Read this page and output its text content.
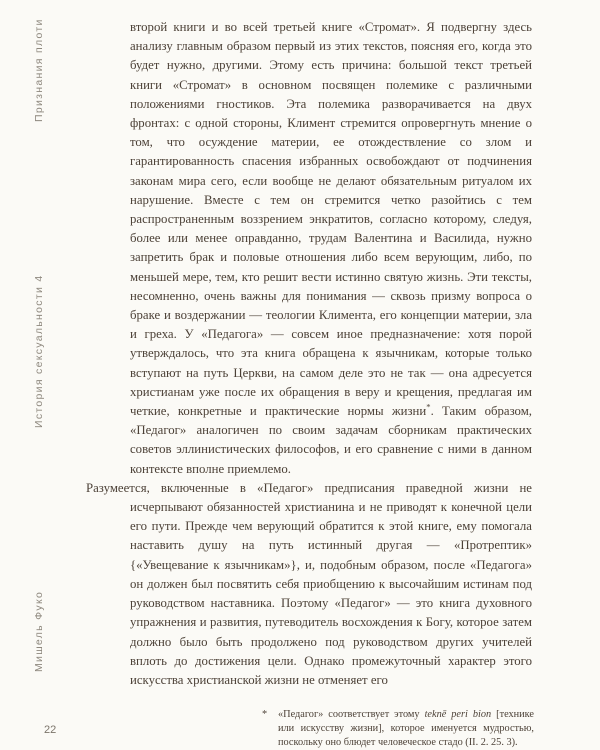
Признания плоти
История сексуальности 4
Мишель Фуко
22

второй книги и во всей третьей книге «Стромат». Я подвергну здесь анализу главным образом первый из этих текстов, поясняя его, когда это будет нужно, другими. Этому есть причина: большой текст третьей книги «Стромат» в основном посвящен полемике с различными положениями гностиков. Эта полемика разворачивается на двух фронтах: с одной стороны, Климент стремится опровергнуть мнение о том, что осуждение материи, ее отождествление со злом и гарантированность спасения избранных освобождают от подчинения законам мира сего, если вообще не делают обязательным ритуалом их нарушение. Вместе с тем он стремится четко разойтись с тем распространенным воззрением энкратитов, согласно которому, следуя, более или менее оправданно, трудам Валентина и Василида, нужно запретить брак и половые отношения либо всем верующим, либо, по меньшей мере, тем, кто решит вести истинно святую жизнь. Эти тексты, несомненно, очень важны для понимания — сквозь призму вопроса о браке и воздержании — теологии Климента, его концепции материи, зла и греха. У «Педагога» — совсем иное предназначение: хотя порой утверждалось, что эта книга обращена к язычникам, которые только вступают на путь Церкви, на самом деле это не так — она адресуется христианам уже после их обращения в веру и крещения, предлагая им четкие, конкретные и практические нормы жизни*. Таким образом, «Педагог» аналогичен по своим задачам сборникам практических советов эллинистических философов, и его сравнение с ними в данном контексте вполне приемлемо.

Разумеется, включенные в «Педагог» предписания праведной жизни не исчерпывают обязанностей христианина и не приводят к конечной цели его пути. Прежде чем верующий обратится к этой книге, ему помогала наставить душу на путь истинный другая — «Протрептик» {«Увещевание к язычникам»}, и, подобным образом, после «Педагога» он должен был посвятить себя приобщению к высочайшим истинам под руководством наставника. Поэтому «Педагог» — это книга духовного упражнения и развития, путеводитель восхождения к Богу, которое затем должно было быть продолжено под руководством других учителей вплоть до достижения цели. Однако промежуточный характер этого искусства христианской жизни не отменяет его

*	«Педагог» соответствует этому teknē peri bion [технике или искусству жизни], которое именуется мудростью, поскольку оно блюдет человеческое стадо (II. 2. 25. 3).
